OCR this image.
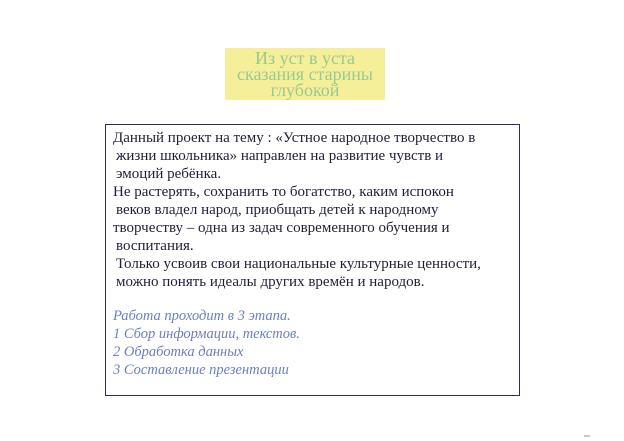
Из уст в уста
сказания старины
глубокой
Данный проект на тему : «Устное народное творчество в
жизни школьника» направлен на развитие чувств и
эмоций ребёнка.
Не растерять, сохранить то богатство, каким испокон
веков владел народ, приобщать детей к народному
творчеству – одна из задач современного обучения и
воспитания.
Только усвоив свои национальные культурные ценности,
можно понять идеалы других времён и народов.
Работа проходит в 3 этапа.
1 Сбор информации, текстов.
2 Обработка данных
3 Составление презентации
